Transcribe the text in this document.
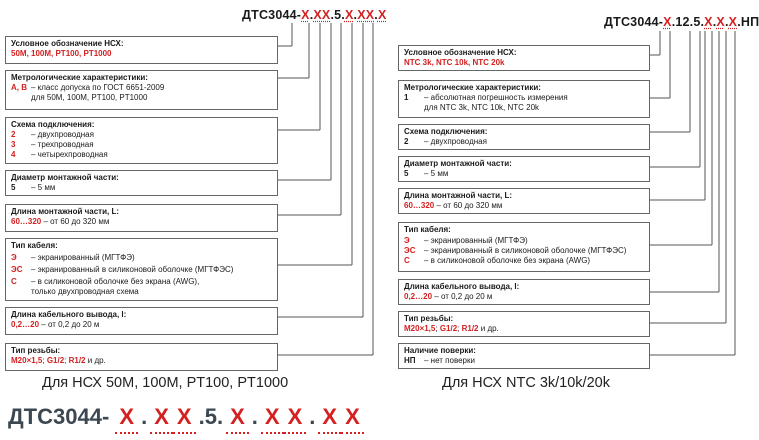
ДТС3044-X.XX.5.X.XX.X
Условное обозначение НСХ:
50М, 100М, PT100, PT1000
Метрологические характеристики:
А, В – класс допуска по ГОСТ 6651-2009
для 50М, 100М, PT100, PT1000
Схема подключения:
2 – двухпроводная
3 – трехпроводная
4 – четырехпроводная
Диаметр монтажной части:
5 – 5 мм
Длина монтажной части, L:
60…320 – от 60 до 320 мм
Тип кабеля:
Э – экранированный (МГТФЭ)
ЭС – экранированный в силиконовой оболочке (МГТФЭС)
С – в силиконовой оболочке без экрана (AWG),
только двухпроводная схема
Длина кабельного вывода, l:
0,2…20 – от 0,2 до 20 м
Тип резьбы:
М20×1,5; G1/2; R1/2 и др.
Для НСХ 50М, 100М, PT100, PT1000
ДТС3044-X.12.5.X.X.X.НП
Условное обозначение НСХ:
NTC 3k, NTC 10k, NTC 20k
Метрологические характеристики:
1 – абсолютная погрешность измерения
для NTC 3k, NTC 10k, NTC 20k
Схема подключения:
2 – двухпроводная
Диаметр монтажной части:
5 – 5 мм
Длина монтажной части, L:
60…320 – от 60 до 320 мм
Тип кабеля:
Э – экранированный (МГТФЭ)
ЭС – экранированный в силиконовой оболочке (МГТФЭС)
С – в силиконовой оболочке без экрана (AWG)
Длина кабельного вывода, l:
0,2…20 – от 0,2 до 20 м
Тип резьбы:
М20×1,5; G1/2; R1/2 и др.
Наличие поверки:
НП – нет поверки
Для НСХ NTC 3k/10k/20k
ДТС3044- X . X X .5. X . X X . X X
